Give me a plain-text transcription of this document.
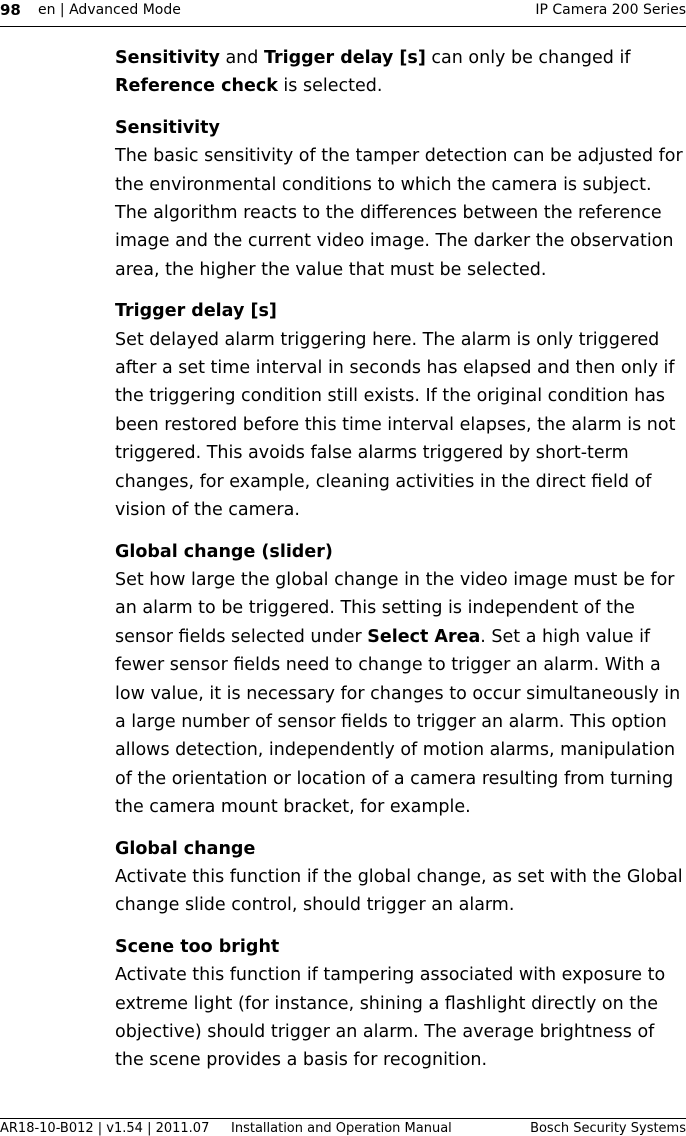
98 en | Advanced Mode	IP Camera 200 Series

Sensitivity and Trigger delay [s] can only be changed if Reference check is selected.

Sensitivity
The basic sensitivity of the tamper detection can be adjusted for the environmental conditions to which the camera is subject. The algorithm reacts to the differences between the reference image and the current video image. The darker the observation area, the higher the value that must be selected.

Trigger delay [s]
Set delayed alarm triggering here. The alarm is only triggered after a set time interval in seconds has elapsed and then only if the triggering condition still exists. If the original condition has been restored before this time interval elapses, the alarm is not triggered. This avoids false alarms triggered by short-term changes, for example, cleaning activities in the direct field of vision of the camera.

Global change (slider)
Set how large the global change in the video image must be for an alarm to be triggered. This setting is independent of the sensor fields selected under Select Area. Set a high value if fewer sensor fields need to change to trigger an alarm. With a low value, it is necessary for changes to occur simultaneously in a large number of sensor fields to trigger an alarm. This option allows detection, independently of motion alarms, manipulation of the orientation or location of a camera resulting from turning the camera mount bracket, for example.

Global change
Activate this function if the global change, as set with the Global change slide control, should trigger an alarm.

Scene too bright
Activate this function if tampering associated with exposure to extreme light (for instance, shining a flashlight directly on the objective) should trigger an alarm. The average brightness of the scene provides a basis for recognition.

AR18-10-B012 | v1.54 | 2011.07 Installation and Operation Manual	Bosch Security Systems
